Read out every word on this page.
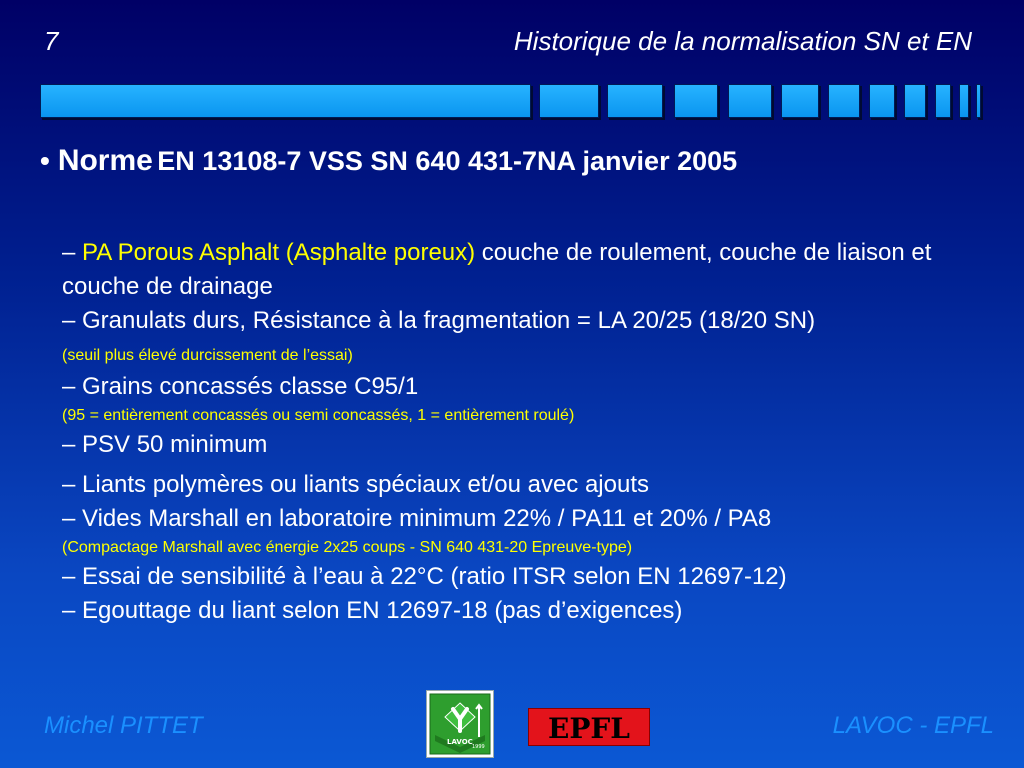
7	Historique de la normalisation SN et EN
• Norme EN 13108-7 VSS SN 640 431-7NA janvier 2005
– PA Porous Asphalt (Asphalte poreux) couche de roulement, couche de liaison et couche de drainage
– Granulats durs, Résistance à la fragmentation = LA 20/25 (18/20 SN)
(seuil plus élevé durcissement de l’essai)
– Grains concassés classe C95/1
(95 = entièrement concassés ou semi concassés, 1 = entièrement roulé)
– PSV 50 minimum
– Liants polymères ou liants spéciaux et/ou avec ajouts
– Vides Marshall en laboratoire minimum 22% / PA11 et 20% / PA8
(Compactage Marshall avec énergie 2x25 coups - SN 640 431-20 Epreuve-type)
– Essai de sensibilité à l’eau à 22°C (ratio ITSR selon EN 12697-12)
– Egouttage du liant selon EN 12697-18 (pas d’exigences)
Michel PITTET
LAVOC
1999
EPFL	LAVOC - EPFL
